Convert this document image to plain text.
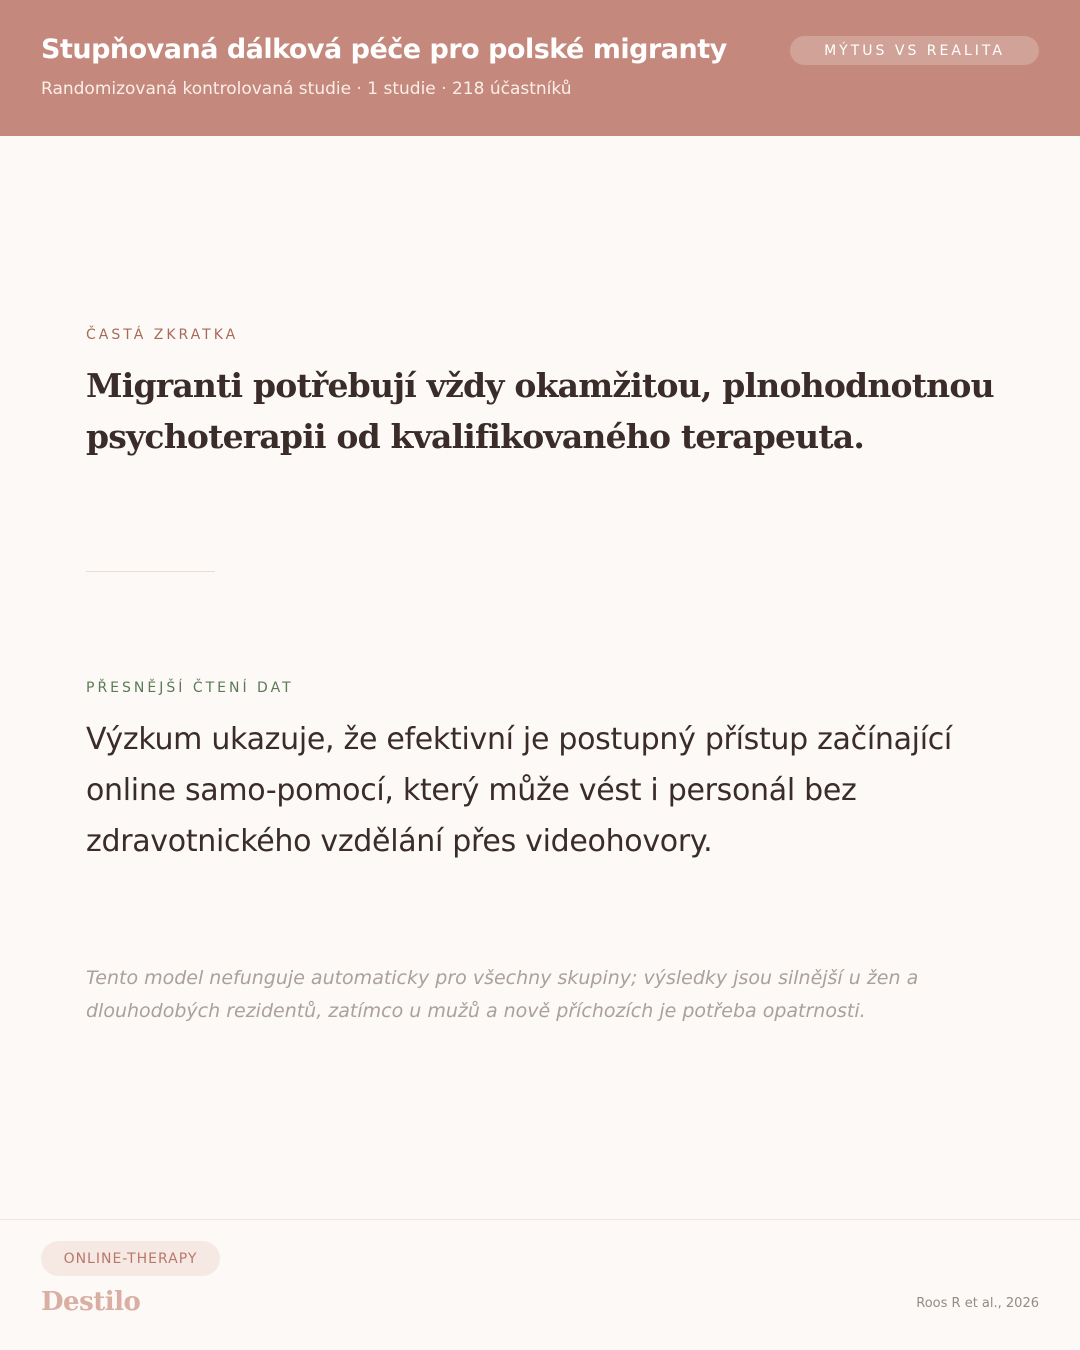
Stupňovaná dálková péče pro polské migranty
Randomizovaná kontrolovaná studie · 1 studie · 218 účastníků
MÝTUS VS REALITA
ČASTÁ ZKRATKA
Migranti potřebují vždy okamžitou, plnohodnotnou psychoterapii od kvalifikovaného terapeuta.
PŘESNĚJŠÍ ČTENÍ DAT
Výzkum ukazuje, že efektivní je postupný přístup začínající online samo-pomocí, který může vést i personál bez zdravotnického vzdělání přes videohovory.
Tento model nefunguje automaticky pro všechny skupiny; výsledky jsou silnější u žen a dlouhodobých rezidentů, zatímco u mužů a nově příchozích je potřeba opatrnosti.
ONLINE-THERAPY
Destilo	Roos R et al., 2026
